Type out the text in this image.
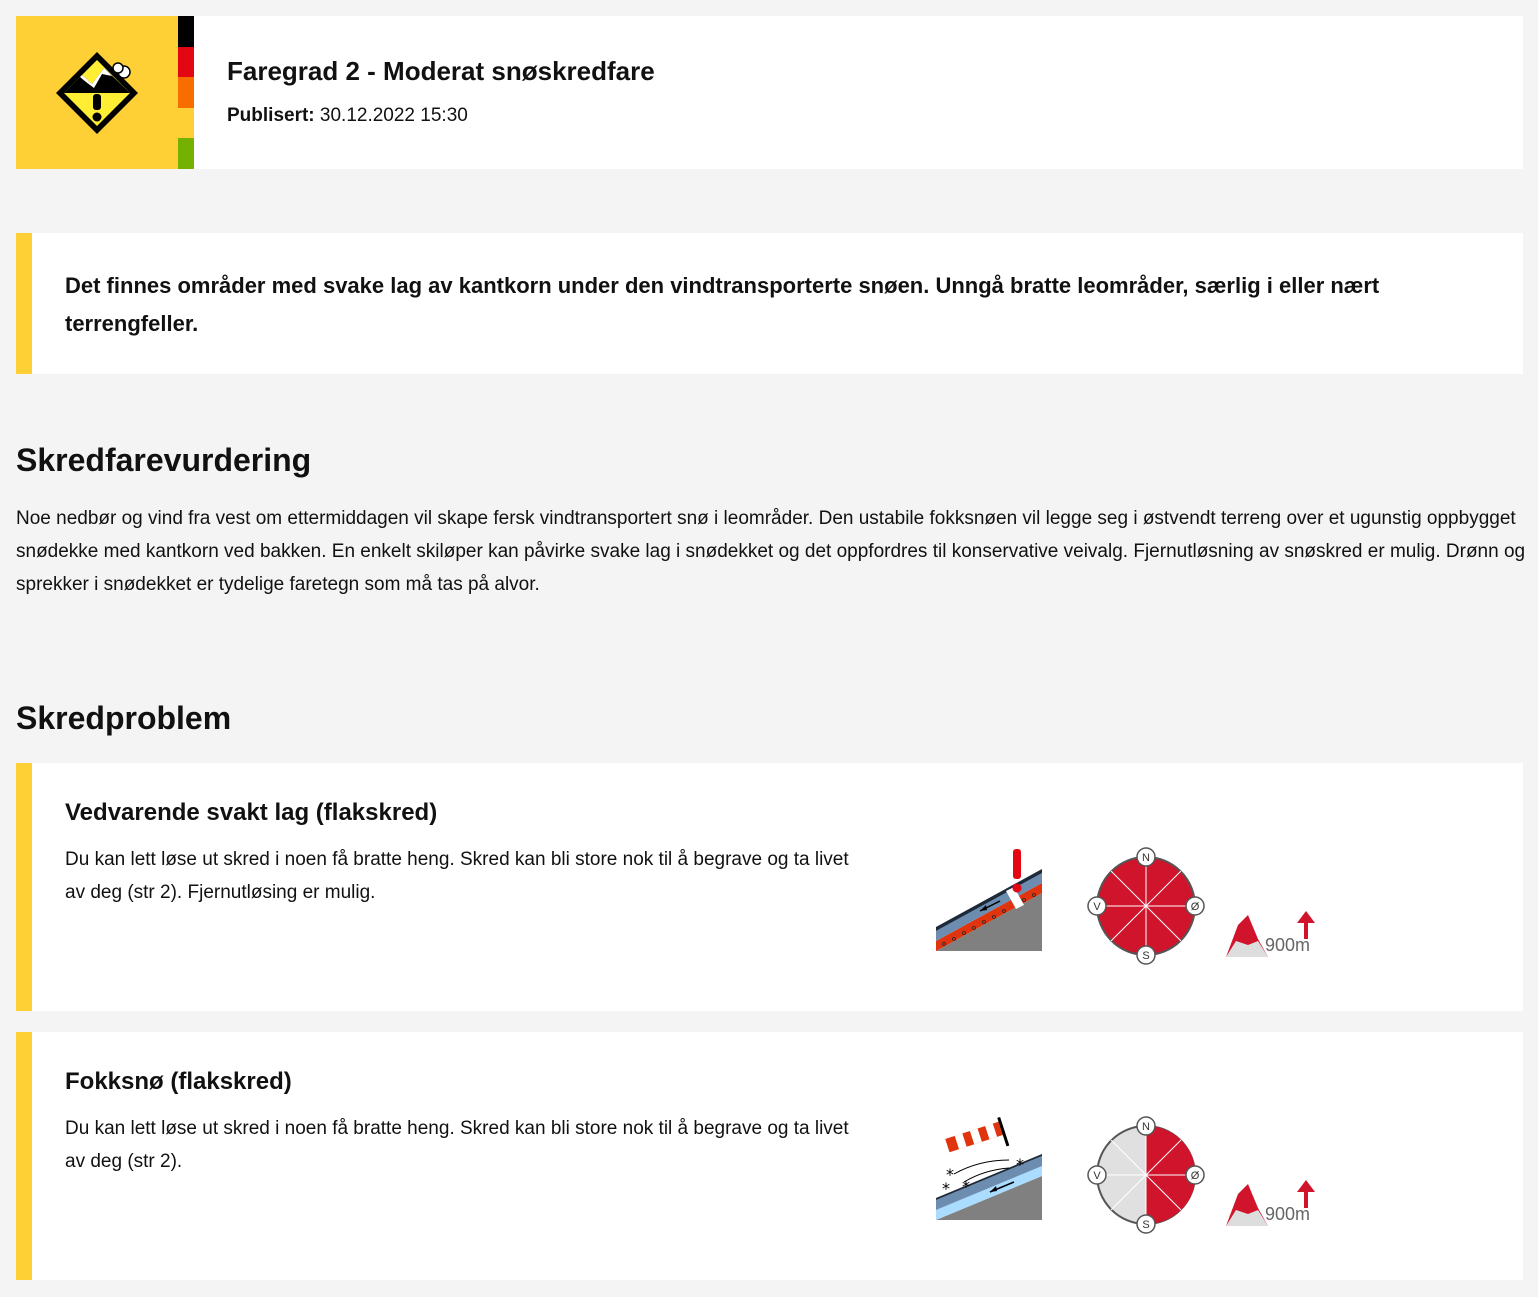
Faregrad 2 - Moderat snøskredfare
Publisert: 30.12.2022 15:30
Det finnes områder med svake lag av kantkorn under den vindtransporterte snøen. Unngå bratte leområder, særlig i eller nært terrengfeller.
Skredfarevurdering

Noe nedbør og vind fra vest om ettermiddagen vil skape fersk vindtransportert snø i leområder. Den ustabile fokksnøen vil legge seg i østvendt terreng over et ugunstig oppbygget snødekke med kantkorn ved bakken. En enkelt skiløper kan påvirke svake lag i snødekket og det oppfordres til konservative veivalg. Fjernutløsning av snøskred er mulig. Drønn og sprekker i snødekket er tydelige faretegn som må tas på alvor.

Skredproblem
Vedvarende svakt lag (flakskred)

Du kan lett løse ut skred i noen få bratte heng. Skred kan bli store nok til å begrave og ta livet av deg (str 2). Fjernutløsing er mulig.

N
S
V	Ø
900m
Fokksnø (flakskred)

Du kan lett løse ut skred i noen få bratte heng. Skred kan bli store nok til å begrave og ta livet av deg (str 2).

*
* *
*
N
S
V	Ø
900m
